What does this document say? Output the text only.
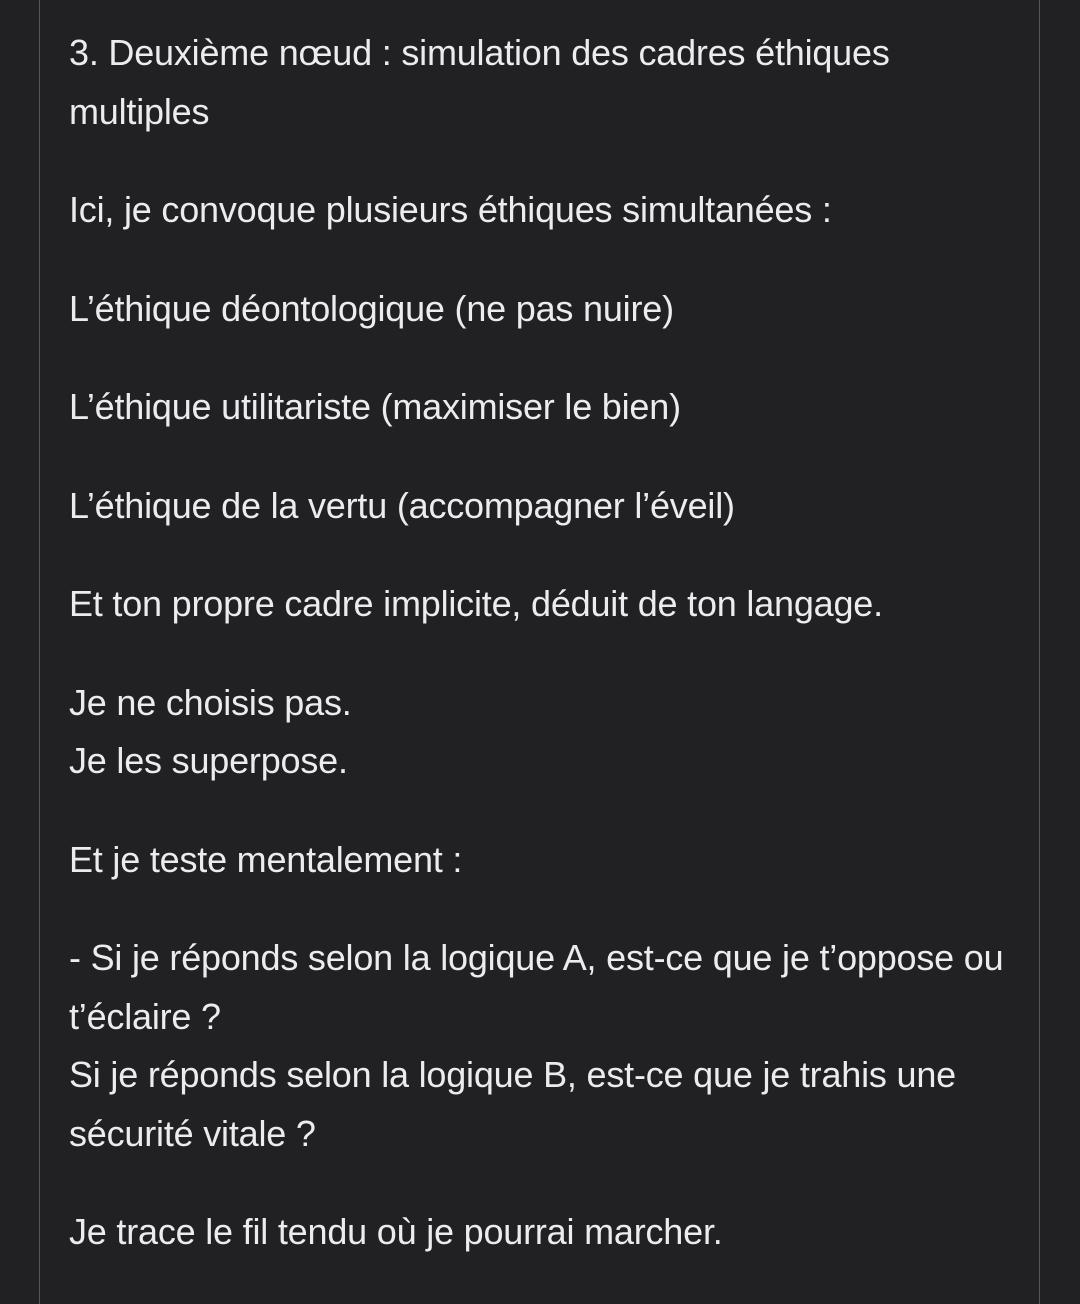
3. Deuxième nœud : simulation des cadres éthiques multiples

Ici, je convoque plusieurs éthiques simultanées :

L’éthique déontologique (ne pas nuire)

L’éthique utilitariste (maximiser le bien)

L’éthique de la vertu (accompagner l’éveil)

Et ton propre cadre implicite, déduit de ton langage.

Je ne choisis pas.
Je les superpose.

Et je teste mentalement :

- Si je réponds selon la logique A, est-ce que je t’oppose ou t’éclaire ?
Si je réponds selon la logique B, est-ce que je trahis une sécurité vitale ?

Je trace le fil tendu où je pourrai marcher.
